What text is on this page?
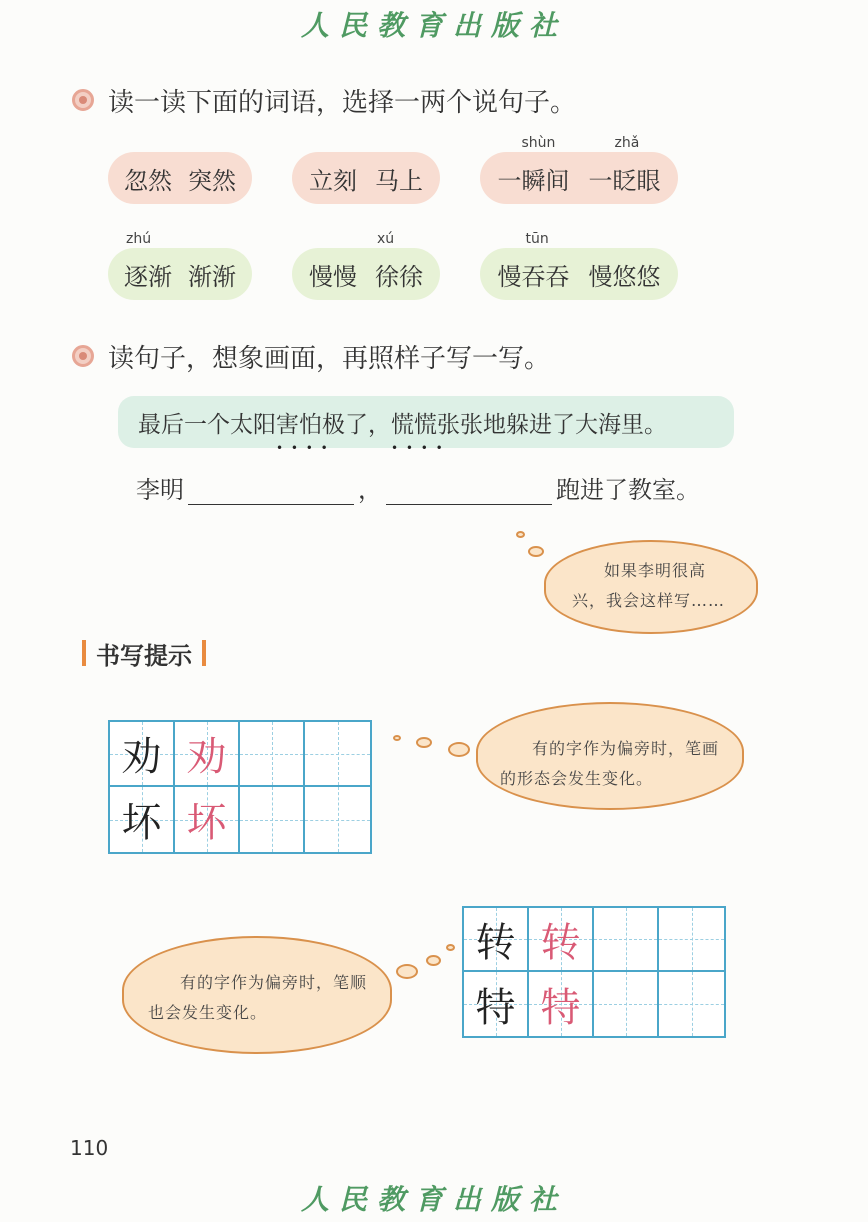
人民教育出版社
读一读下面的词语，选择一两个说句子。
忽然 突然	立刻 马上
shùn
一瞬间
zhǎ
一眨眼
zhú
逐渐 渐渐	慢慢
xú
徐徐
tūn
慢吞吞 慢悠悠
读句子，想象画面，再照样子写一写。
最后一个太阳 害怕极了 • • ， 慌慌张张 • • 地躲进了大海里。
李明	，	跑进了教室。
如果李明很高兴，我会这样写……
书写提示
劝 劝
坏 坏
有的字作为偏旁时，笔画的形态会发生变化。
转 转
特 特
有的字作为偏旁时，笔顺也会发生变化。
110
人民教育出版社
